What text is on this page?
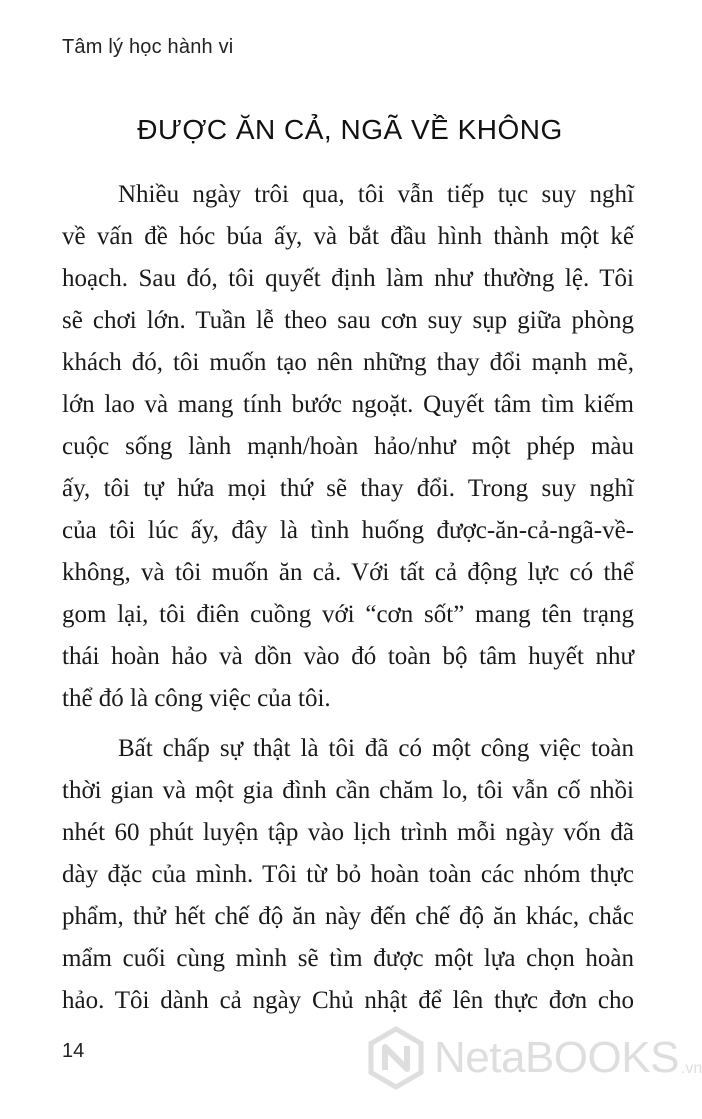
Tâm lý học hành vi
ĐƯỢC ĂN CẢ, NGÃ VỀ KHÔNG
Nhiều ngày trôi qua, tôi vẫn tiếp tục suy nghĩ
về vấn đề hóc búa ấy, và bắt đầu hình thành một kế
hoạch. Sau đó, tôi quyết định làm như thường lệ. Tôi
sẽ chơi lớn. Tuần lễ theo sau cơn suy sụp giữa phòng
khách đó, tôi muốn tạo nên những thay đổi mạnh mẽ,
lớn lao và mang tính bước ngoặt. Quyết tâm tìm kiếm
cuộc sống lành mạnh/hoàn hảo/như một phép màu
ấy, tôi tự hứa mọi thứ sẽ thay đổi. Trong suy nghĩ
của tôi lúc ấy, đây là tình huống được-ăn-cả-ngã-về-
không, và tôi muốn ăn cả. Với tất cả động lực có thể
gom lại, tôi điên cuồng với “cơn sốt” mang tên trạng
thái hoàn hảo và dồn vào đó toàn bộ tâm huyết như
thể đó là công việc của tôi.
Bất chấp sự thật là tôi đã có một công việc toàn
thời gian và một gia đình cần chăm lo, tôi vẫn cố nhồi
nhét 60 phút luyện tập vào lịch trình mỗi ngày vốn đã
dày đặc của mình. Tôi từ bỏ hoàn toàn các nhóm thực
phẩm, thử hết chế độ ăn này đến chế độ ăn khác, chắc
mẩm cuối cùng mình sẽ tìm được một lựa chọn hoàn
hảo. Tôi dành cả ngày Chủ nhật để lên thực đơn cho
14	NetaBOOKS .vn
